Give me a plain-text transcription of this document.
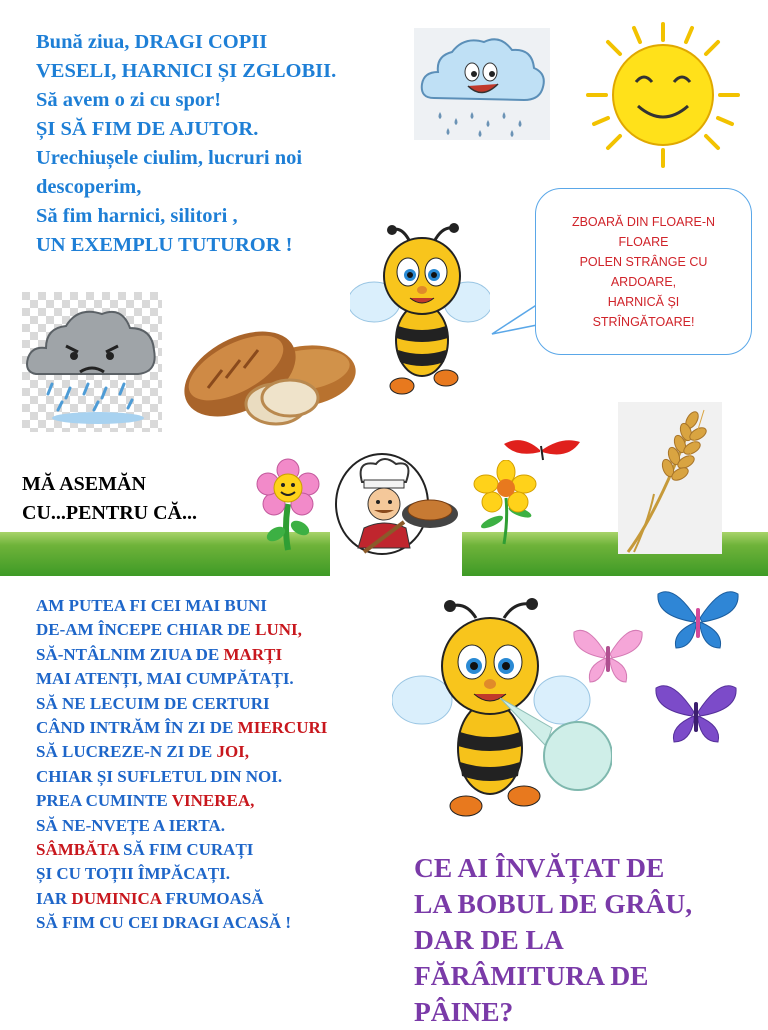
Bună ziua, DRAGI COPII
VESELI, HARNICI ȘI ZGLOBII.
Să avem o zi cu spor!
ȘI SĂ FIM DE AJUTOR.
Urechiușele ciulim, lucruri noi
descoperim,
Să fim harnici, silitori ,
UN EXEMPLU TUTUROR !
ZBOARĂ DIN FLOARE-N
FLOARE
POLEN STRÂNGE CU
ARDOARE,
HARNICĂ ȘI
STRÎNGĂTOARE!
MĂ ASEMĂN
CU...PENTRU CĂ...
AM PUTEA FI CEI MAI BUNI
DE-AM ÎNCEPE CHIAR DE LUNI,
SĂ-NTÂLNIM ZIUA DE MARȚI
MAI ATENȚI, MAI CUMPĂTAȚI.
SĂ NE LECUIM DE CERTURI
CÂND INTRĂM ÎN ZI DE MIERCURI
SĂ LUCREZE-N ZI DE JOI,
CHIAR ȘI SUFLETUL DIN NOI.
PREA CUMINTE VINEREA,
SĂ NE-NVEȚE A IERTA.
SÂMBĂTA SĂ FIM CURAȚI
ȘI CU TOȚII ÎMPĂCAȚI.
IAR DUMINICA FRUMOASĂ
SĂ FIM CU CEI DRAGI ACASĂ !
CE AI ÎNVĂȚAT DE
LA BOBUL DE GRÂU,
DAR DE LA
FĂRÂMITURA DE
PÂINE?
